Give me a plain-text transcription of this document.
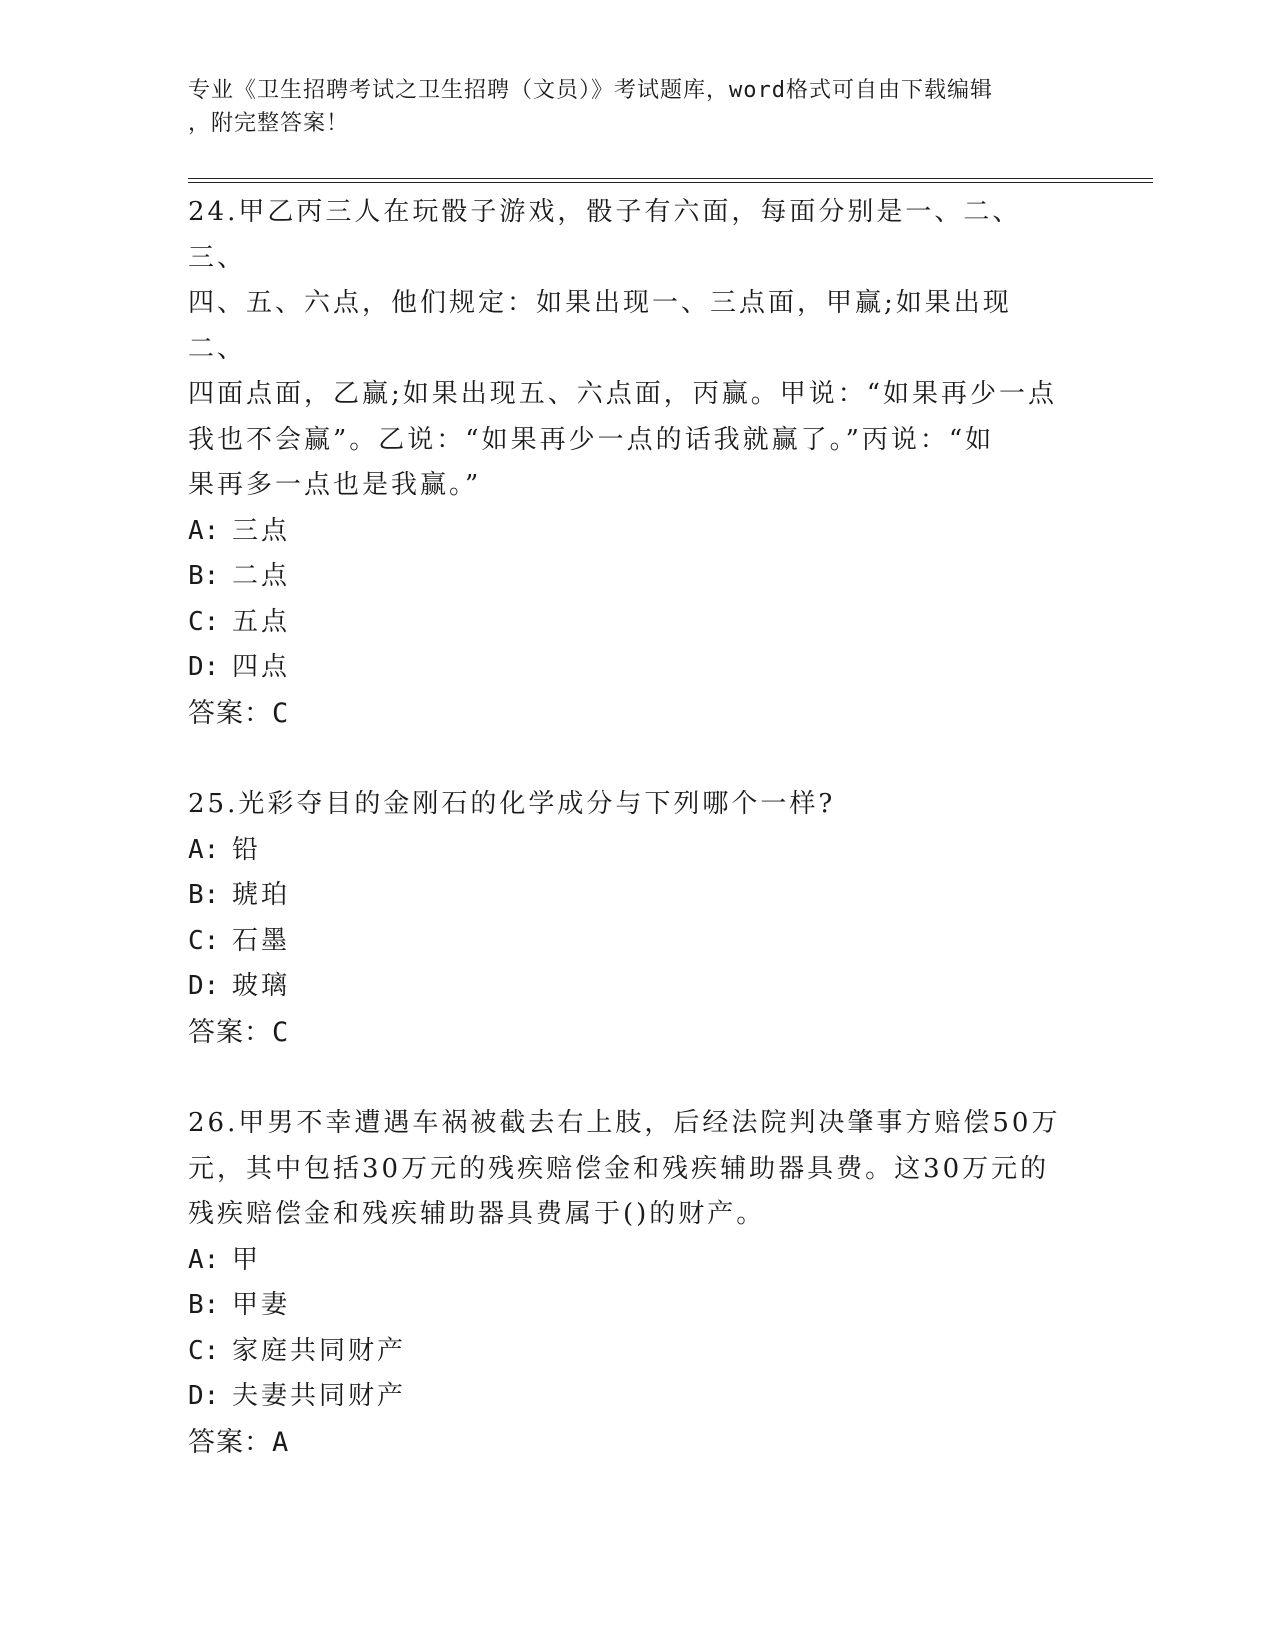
专业《卫生招聘考试之卫生招聘（文员）》考试题库，word格式可自由下载编辑
，附完整答案！

24.甲乙丙三人在玩骰子游戏，骰子有六面，每面分别是一、二、三、

四、五、六点，他们规定：如果出现一、三点面，甲赢;如果出现二、

四面点面，乙赢;如果出现五、六点面，丙赢。甲说：“如果再少一点

我也不会赢”。乙说：“如果再少一点的话我就赢了。”丙说：“如

果再多一点也是我赢。”

A: 三点

B: 二点

C: 五点

D: 四点

答案：C

25.光彩夺目的金刚石的化学成分与下列哪个一样?

A: 铅

B: 琥珀

C: 石墨

D: 玻璃

答案：C

26.甲男不幸遭遇车祸被截去右上肢，后经法院判决肇事方赔偿50万

元，其中包括30万元的残疾赔偿金和残疾辅助器具费。这30万元的

残疾赔偿金和残疾辅助器具费属于()的财产。

A: 甲

B: 甲妻

C: 家庭共同财产

D: 夫妻共同财产

答案：A
